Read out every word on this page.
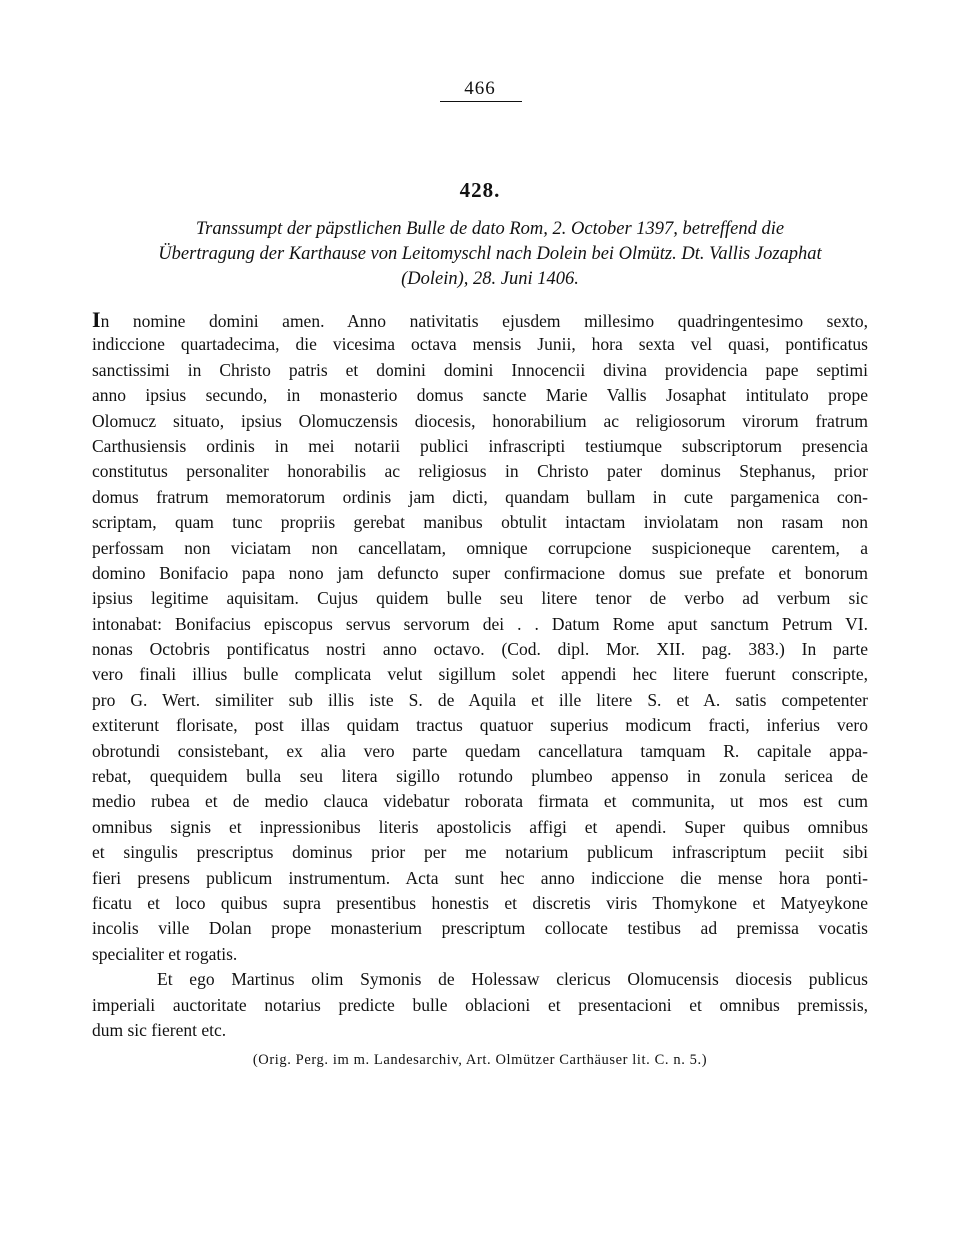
466
428.
Transsumpt der päpstlichen Bulle de dato Rom, 2. October 1397, betreffend die
Übertragung der Karthause von Leitomyschl nach Dolein bei Olmütz. Dt. Vallis Jozaphat
(Dolein), 28. Juni 1406.
In nomine domini amen. Anno nativitatis ejusdem millesimo quadringentesimo sexto,
indiccione quartadecima, die vicesima octava mensis Junii, hora sexta vel quasi, pontificatus
sanctissimi in Christo patris et domini domini Innocencii divina providencia pape septimi
anno ipsius secundo, in monasterio domus sancte Marie Vallis Josaphat intitulato prope
Olomucz situato, ipsius Olomuczensis diocesis, honorabilium ac religiosorum virorum fratrum
Carthusiensis ordinis in mei notarii publici infrascripti testiumque subscriptorum presencia
constitutus personaliter honorabilis ac religiosus in Christo pater dominus Stephanus, prior
domus fratrum memoratorum ordinis jam dicti, quandam bullam in cute pargamenica con-
scriptam, quam tunc propriis gerebat manibus obtulit intactam inviolatam non rasam non
perfossam non viciatam non cancellatam, omnique corrupcione suspicioneque carentem, a
domino Bonifacio papa nono jam defuncto super confirmacione domus sue prefate et bonorum
ipsius legitime aquisitam. Cujus quidem bulle seu litere tenor de verbo ad verbum sic
intonabat: Bonifacius episcopus servus servorum dei . . Datum Rome aput sanctum Petrum VI.
nonas Octobris pontificatus nostri anno octavo. (Cod. dipl. Mor. XII. pag. 383.) In parte
vero finali illius bulle complicata velut sigillum solet appendi hec litere fuerunt conscripte,
pro G. Wert. similiter sub illis iste S. de Aquila et ille litere S. et A. satis competenter
extiterunt florisate, post illas quidam tractus quatuor superius modicum fracti, inferius vero
obrotundi consistebant, ex alia vero parte quedam cancellatura tamquam R. capitale appa-
rebat, quequidem bulla seu litera sigillo rotundo plumbeo appenso in zonula sericea de
medio rubea et de medio clauca videbatur roborata firmata et communita, ut mos est cum
omnibus signis et inpressionibus literis apostolicis affigi et apendi. Super quibus omnibus
et singulis prescriptus dominus prior per me notarium publicum infrascriptum peciit sibi
fieri presens publicum instrumentum. Acta sunt hec anno indiccione die mense hora ponti-
ficatu et loco quibus supra presentibus honestis et discretis viris Thomykone et Matyeykone
incolis ville Dolan prope monasterium prescriptum collocate testibus ad premissa vocatis
specialiter et rogatis.
Et ego Martinus olim Symonis de Holessaw clericus Olomucensis diocesis publicus
imperiali auctoritate notarius predicte bulle oblacioni et presentacioni et omnibus premissis,
dum sic fierent etc.
(Orig. Perg. im m. Landesarchiv, Art. Olmützer Carthäuser lit. C. n. 5.)
